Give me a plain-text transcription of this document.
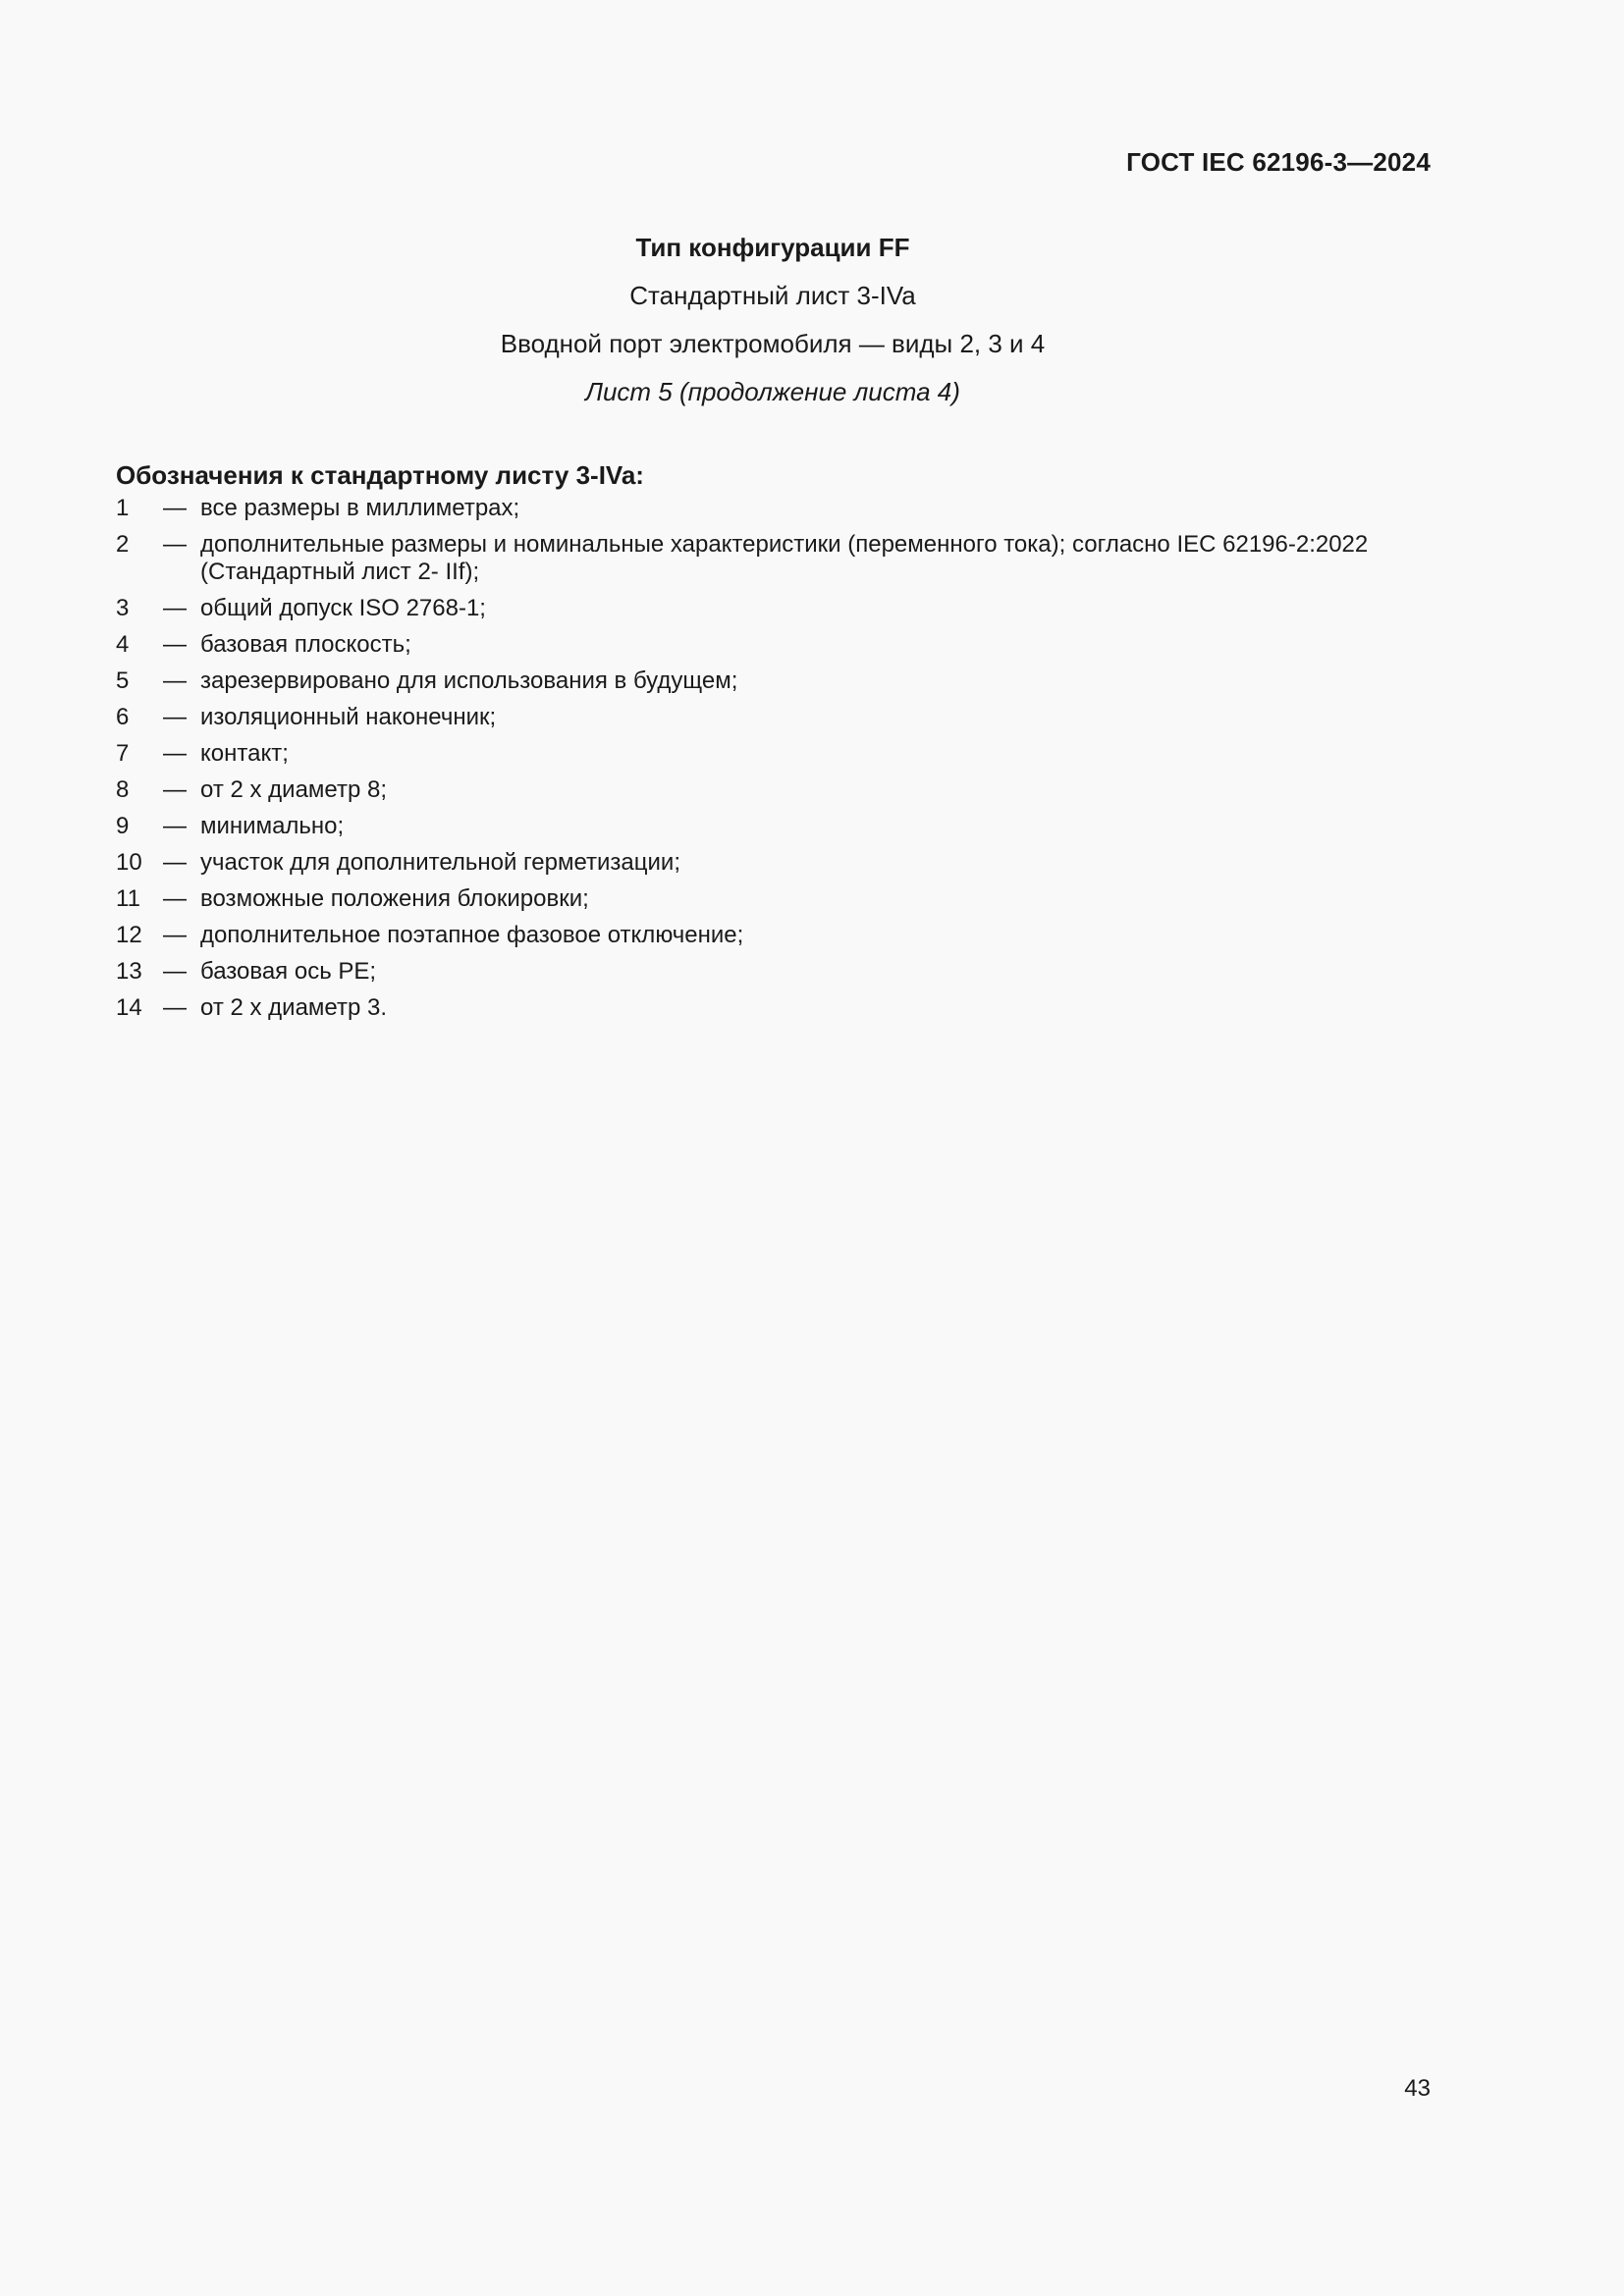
ГОСТ IEC 62196-3—2024
Тип конфигурации FF
Стандартный лист 3-IVa
Вводной порт электромобиля — виды 2, 3 и 4
Лист 5 (продолжение листа 4)
Обозначения к стандартному листу 3-IVa:
1	— все размеры в миллиметрах;
2	— дополнительные размеры и номинальные характеристики (переменного тока); согласно IEC 62196-2:2022 (Стандартный лист 2- IIf);
3	— общий допуск ISO 2768-1;
4	— базовая плоскость;
5	— зарезервировано для использования в будущем;
6	— изоляционный наконечник;
7	— контакт;
8	— от 2 х диаметр 8;
9	— минимально;
10 — участок для дополнительной герметизации;
11 — возможные положения блокировки;
12 — дополнительное поэтапное фазовое отключение;
13 — базовая ось PE;
14 — от 2 х диаметр 3.
43
